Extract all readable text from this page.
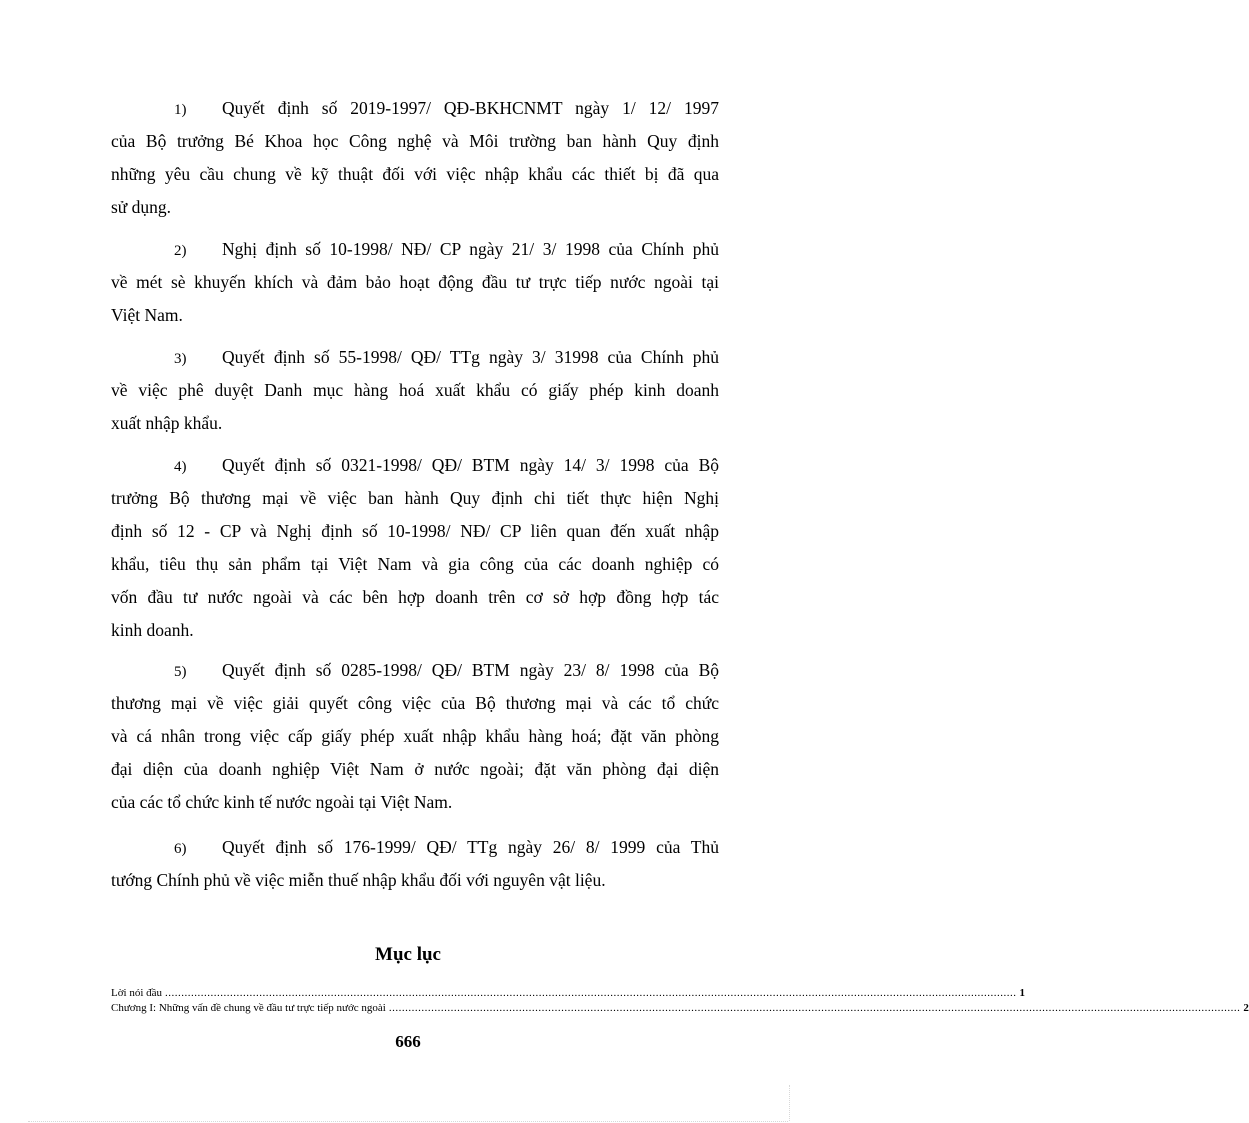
1) Quyết định số 2019-1997/ QĐ-BKHCNMT ngày 1/ 12/ 1997
của Bộ trưởng Bé Khoa học Công nghệ và Môi trường ban hành Quy định
những yêu cầu chung về kỹ thuật đối với việc nhập khẩu các thiết bị đã qua
sử dụng.
2) Nghị định số 10-1998/ NĐ/ CP ngày 21/ 3/ 1998 của Chính phủ
về mét sè khuyến khích và đảm bảo hoạt động đầu tư trực tiếp nước ngoài tại
Việt Nam.
3) Quyết định số 55-1998/ QĐ/ TTg ngày 3/ 31998 của Chính phủ
về việc phê duyệt Danh mục hàng hoá xuất khẩu có giấy phép kinh doanh
xuất nhập khẩu.
4) Quyết định số 0321-1998/ QĐ/ BTM ngày 14/ 3/ 1998 của Bộ
trưởng Bộ thương mại về việc ban hành Quy định chi tiết thực hiện Nghị
định số 12 - CP và Nghị định số 10-1998/ NĐ/ CP liên quan đến xuất nhập
khẩu, tiêu thụ sản phẩm tại Việt Nam và gia công của các doanh nghiệp có
vốn đầu tư nước ngoài và các bên hợp doanh trên cơ sở hợp đồng hợp tác
kinh doanh.
5) Quyết định số 0285-1998/ QĐ/ BTM ngày 23/ 8/ 1998 của Bộ
thương mại về việc giải quyết công việc của Bộ thương mại và các tổ chức
và cá nhân trong việc cấp giấy phép xuất nhập khẩu hàng hoá; đặt văn phòng
đại diện của doanh nghiệp Việt Nam ở nước ngoài; đặt văn phòng đại diện
của các tổ chức kinh tế nước ngoài tại Việt Nam.
6) Quyết định số 176-1999/ QĐ/ TTg ngày 26/ 8/ 1999 của Thủ
tướng Chính phủ về việc miễn thuế nhập khẩu đối với nguyên vật liệu.
Mục lục
Lời nói đầu ...................................................................................................................................................................................................................................................................... 1
Chương I: Những vấn đề chung về đầu tư trực tiếp nước ngoài ...................................................................................................................................................................................................................................................................... 2
666
